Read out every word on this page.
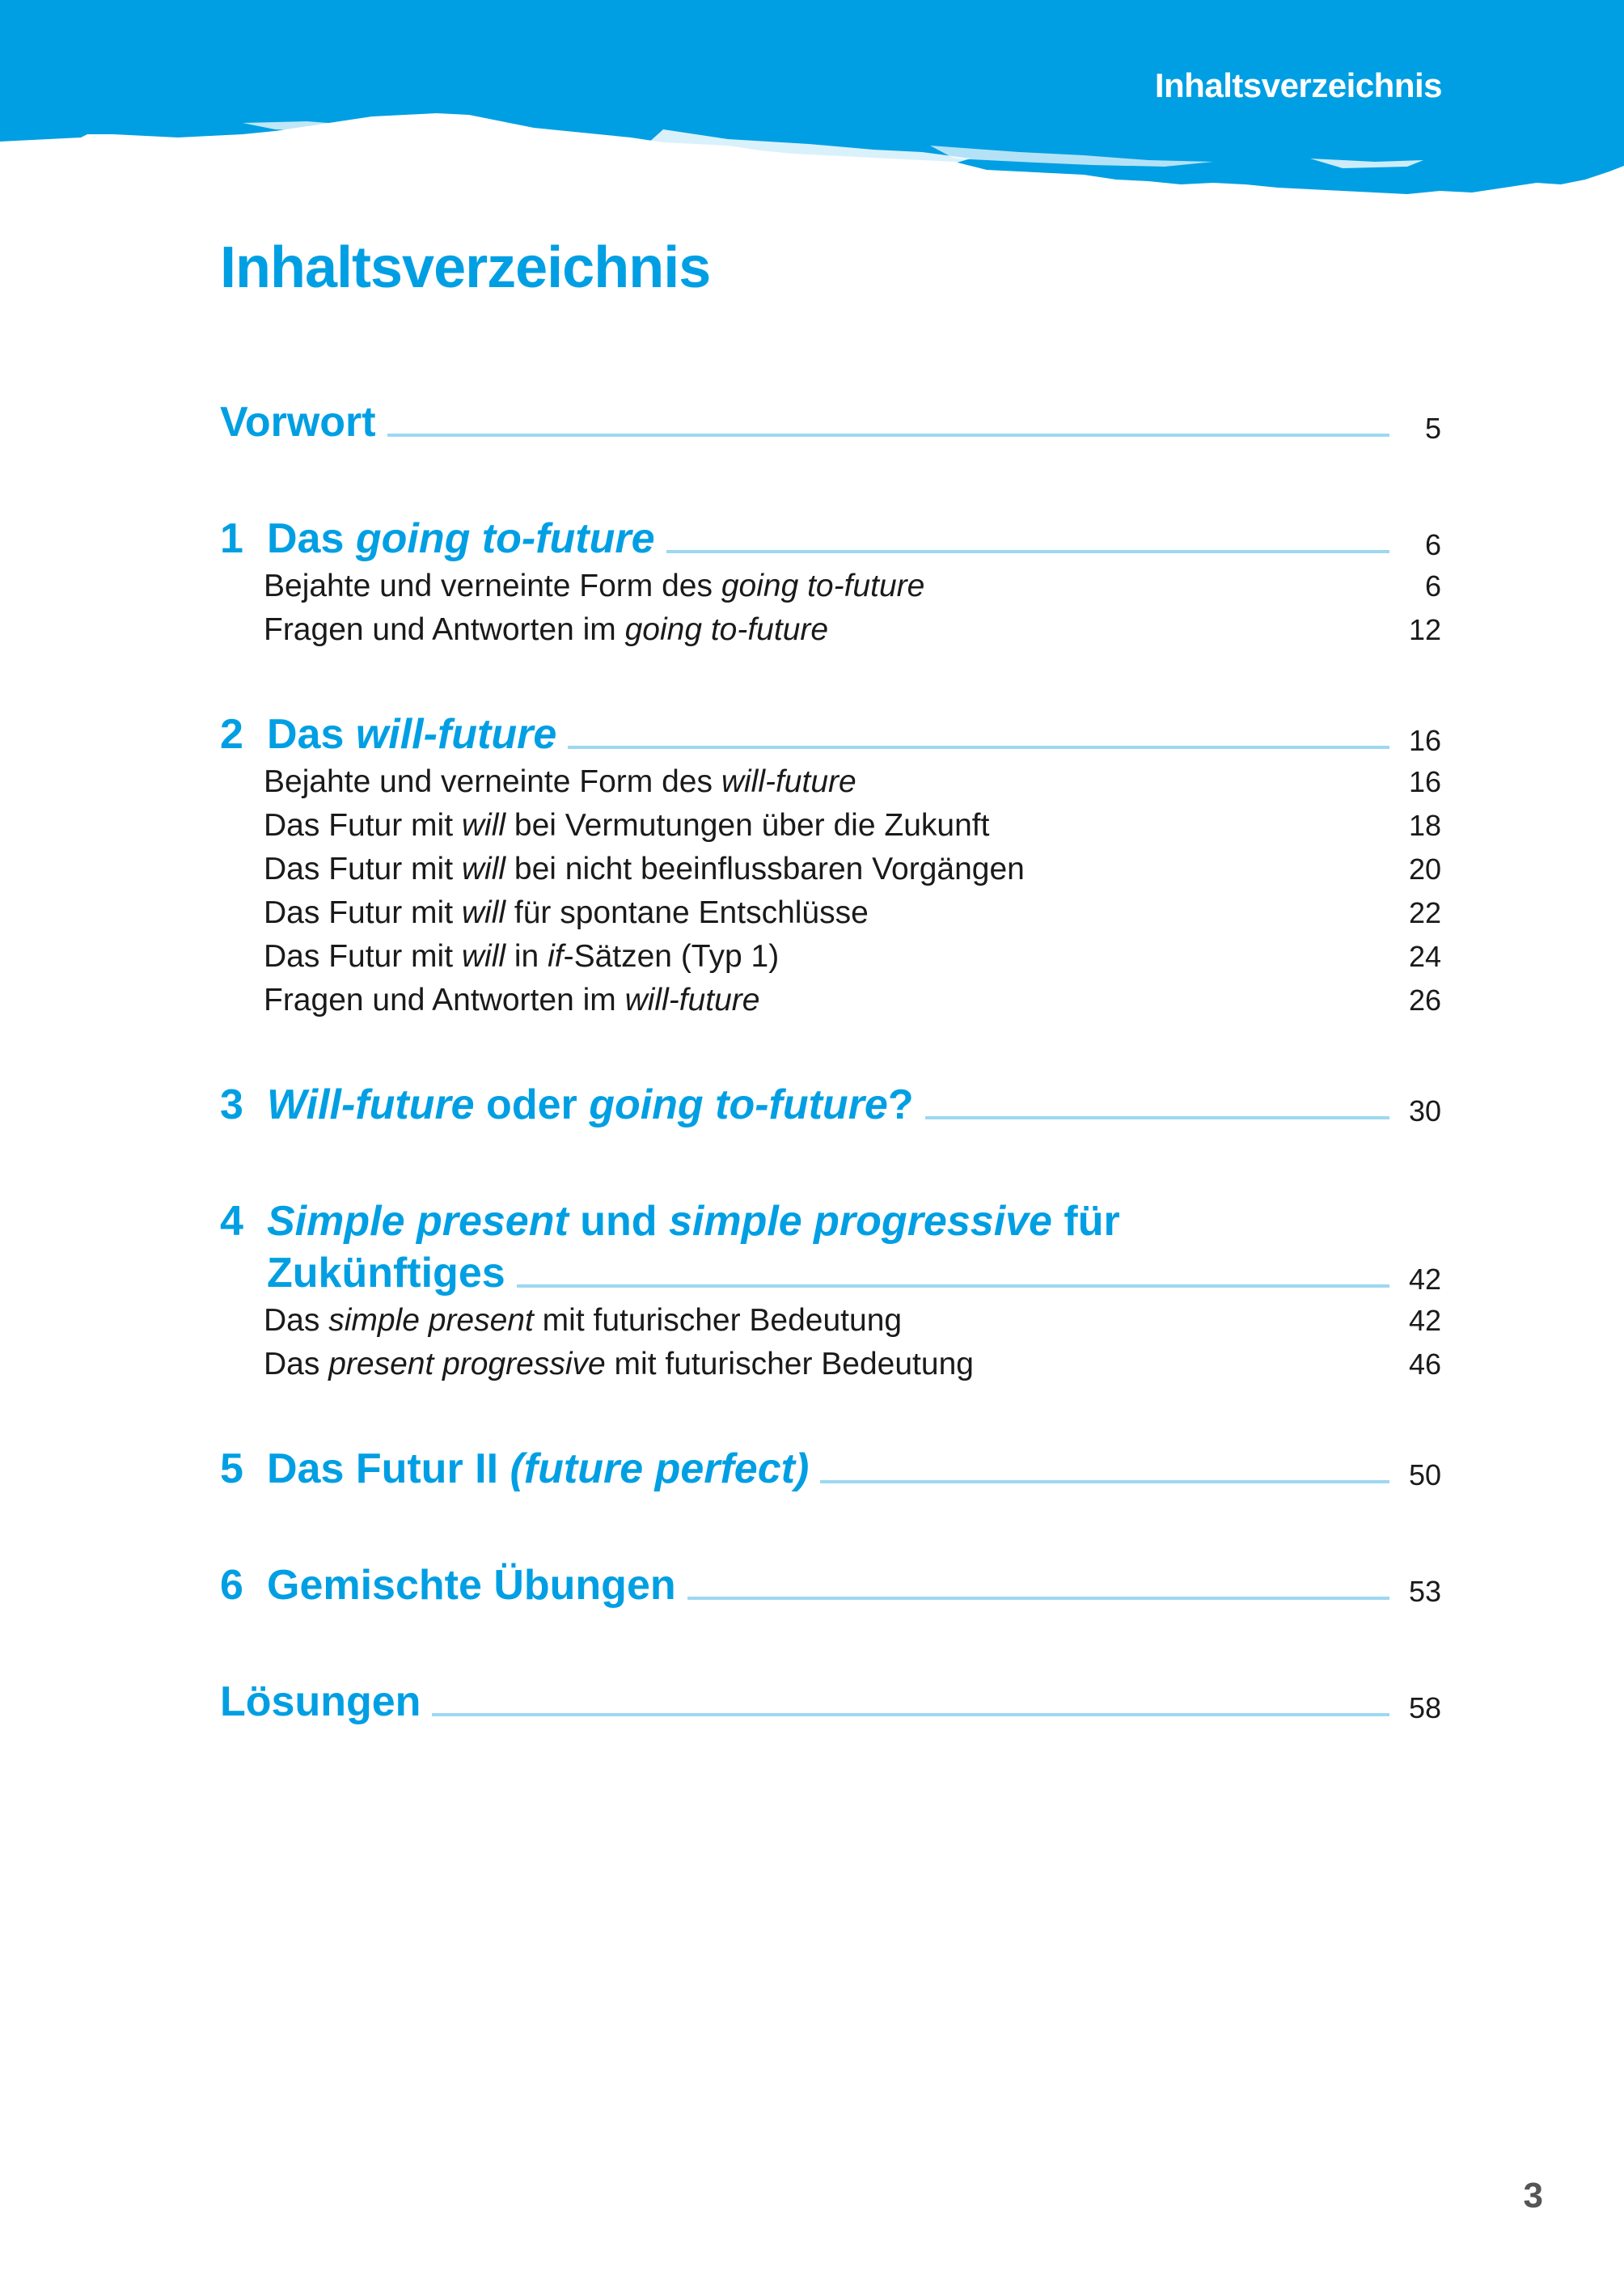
Inhaltsverzeichnis
Inhaltsverzeichnis
Vorwort	5
1 Das going to-future	6
Bejahte und verneinte Form des going to-future	6
Fragen und Antworten im going to-future	12
2 Das will-future	16
Bejahte und verneinte Form des will-future	16
Das Futur mit will bei Vermutungen über die Zukunft	18
Das Futur mit will bei nicht beeinflussbaren Vorgängen	20
Das Futur mit will für spontane Entschlüsse	22
Das Futur mit will in if-Sätzen (Typ 1)	24
Fragen und Antworten im will-future	26
3 Will-future oder going to-future?	30
4 Simple present und simple progressive für
Zukünftiges	42
Das simple present mit futurischer Bedeutung	42
Das present progressive mit futurischer Bedeutung	46
5 Das Futur II (future perfect)	50
6 Gemischte Übungen	53
Lösungen	58
3
